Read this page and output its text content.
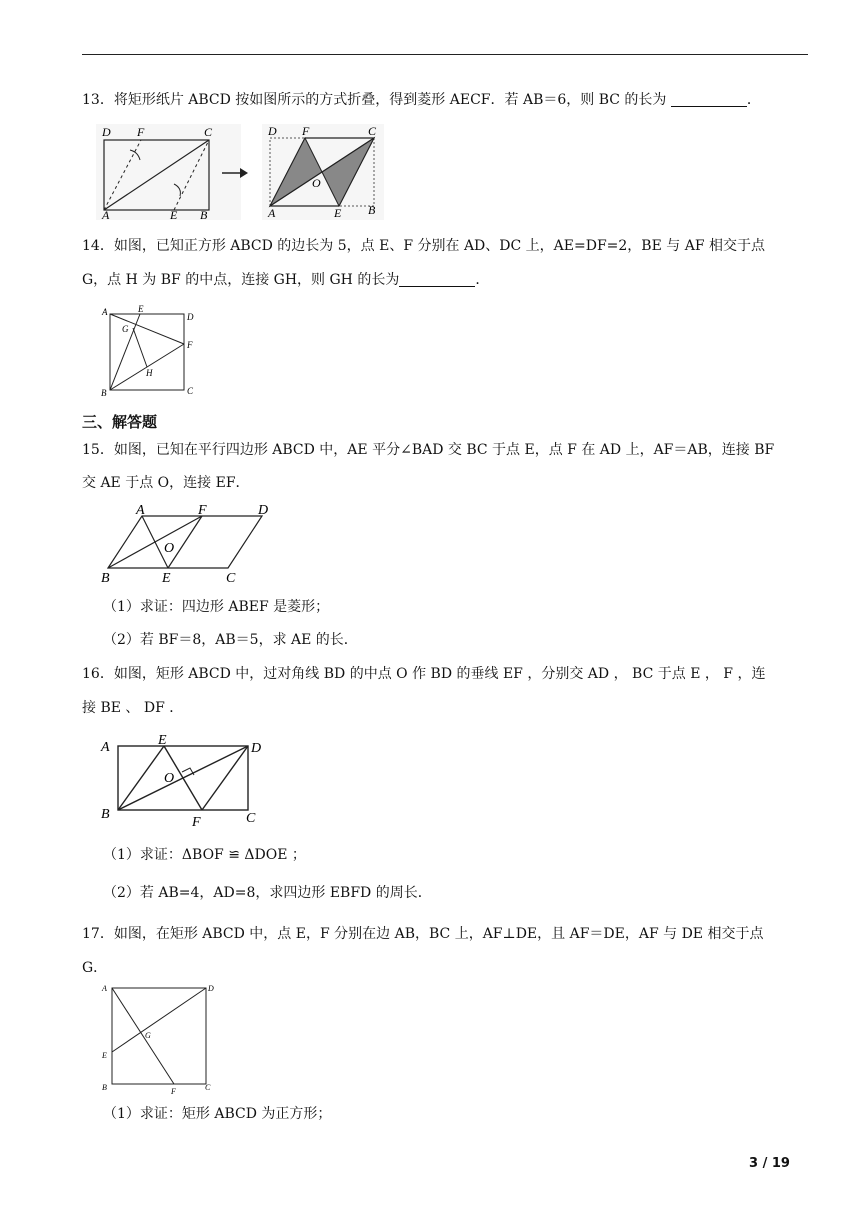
13．将矩形纸片 ABCD 按如图所示的方式折叠，得到菱形 AECF．若 AB＝6，则 BC 的长为	．
D F	C
A	E B
D F	C
O
A	E B
14．如图，已知正方形 ABCD 的边长为 5，点 E、F 分别在 AD、DC 上，AE=DF=2，BE 与 AF 相交于点
G，点 H 为 BF 的中点，连接 GH，则 GH 的长为	．
A	E
D
G
F
H
B	C
三、解答题
15．如图，已知在平行四边形 ABCD 中，AE 平分∠BAD 交 BC 于点 E，点 F 在 AD 上，AF＝AB，连接 BF
交 AE 于点 O，连接 EF．
A	F	D
O
B	E	C
（1）求证：四边形 ABEF 是菱形；
（2）若 BF＝8，AB＝5，求 AE 的长．
16．如图，矩形 ABCD 中，过对角线 BD 的中点 O 作 BD 的垂线 EF ，分别交 AD ， BC 于点 E ， F ，连
接 BE 、 DF ．
A	E
D
O
B
F	C
（1）求证：ΔBOF ≌ ΔDOE ；
（2）若 AB=4，AD=8，求四边形 EBFD 的周长．
17．如图，在矩形 ABCD 中，点 E，F 分别在边 AB，BC 上，AF⊥DE，且 AF＝DE，AF 与 DE 相交于点
G．
A	D
G
E
B	F	C
（1）求证：矩形 ABCD 为正方形；
3 / 19
